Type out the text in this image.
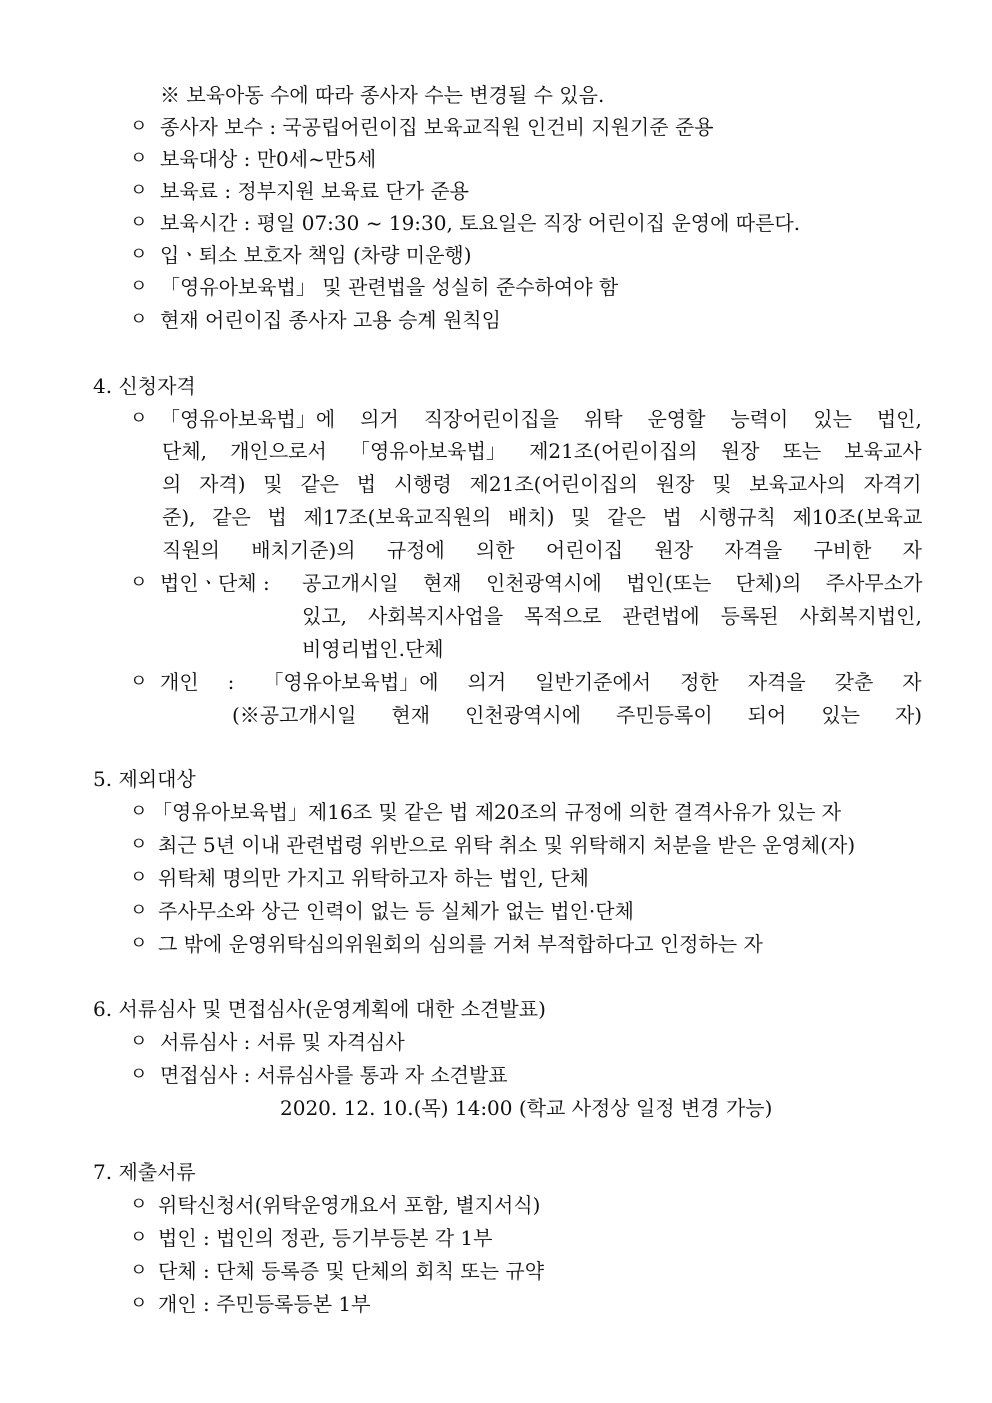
※ 보육아동 수에 따라 종사자 수는 변경될 수 있음.
ㅇ 종사자 보수 : 국공립어린이집 보육교직원 인건비 지원기준 준용
ㅇ 보육대상 : 만0세~만5세
ㅇ 보육료 : 정부지원 보육료 단가 준용
ㅇ 보육시간 : 평일 07:30 ~ 19:30, 토요일은 직장 어린이집 운영에 따른다.
ㅇ 입ㆍ퇴소 보호자 책임 (차량 미운행)
ㅇ 「영유아보육법」 및 관련법을 성실히 준수하여야 함
ㅇ 현재 어린이집 종사자 고용 승계 원칙임
4. 신청자격
ㅇ 「영유아보육법」에 의거 직장어린이집을 위탁 운영할 능력이 있는 법인,
단체, 개인으로서 「영유아보육법」 제21조(어린이집의 원장 또는 보육교사
의 자격) 및 같은 법 시행령 제21조(어린이집의 원장 및 보육교사의 자격기
준), 같은 법 제17조(보육교직원의 배치) 및 같은 법 시행규칙 제10조(보육교
직원의 배치기준)의 규정에 의한 어린이집 원장 자격을 구비한 자
ㅇ 법인ㆍ단체 : 공고개시일 현재 인천광역시에 법인(또는 단체)의 주사무소가
있고, 사회복지사업을 목적으로 관련법에 등록된 사회복지법인,
비영리법인.단체
ㅇ 개인 : 「영유아보육법」에 의거 일반기준에서 정한 자격을 갖춘 자
(※공고개시일 현재 인천광역시에 주민등록이 되어 있는 자)
5. 제외대상
ㅇ 「영유아보육법」제16조 및 같은 법 제20조의 규정에 의한 결격사유가 있는 자
ㅇ 최근 5년 이내 관련법령 위반으로 위탁 취소 및 위탁해지 처분을 받은 운영체(자)
ㅇ 위탁체 명의만 가지고 위탁하고자 하는 법인, 단체
ㅇ 주사무소와 상근 인력이 없는 등 실체가 없는 법인·단체
ㅇ 그 밖에 운영위탁심의위원회의 심의를 거쳐 부적합하다고 인정하는 자
6. 서류심사 및 면접심사(운영계획에 대한 소견발표)
ㅇ 서류심사 : 서류 및 자격심사
ㅇ 면접심사 : 서류심사를 통과 자 소견발표
2020. 12. 10.(목) 14:00 (학교 사정상 일정 변경 가능)
7. 제출서류
ㅇ 위탁신청서(위탁운영개요서 포함, 별지서식)
ㅇ 법인 : 법인의 정관, 등기부등본 각 1부
ㅇ 단체 : 단체 등록증 및 단체의 회칙 또는 규약
ㅇ 개인 : 주민등록등본 1부
